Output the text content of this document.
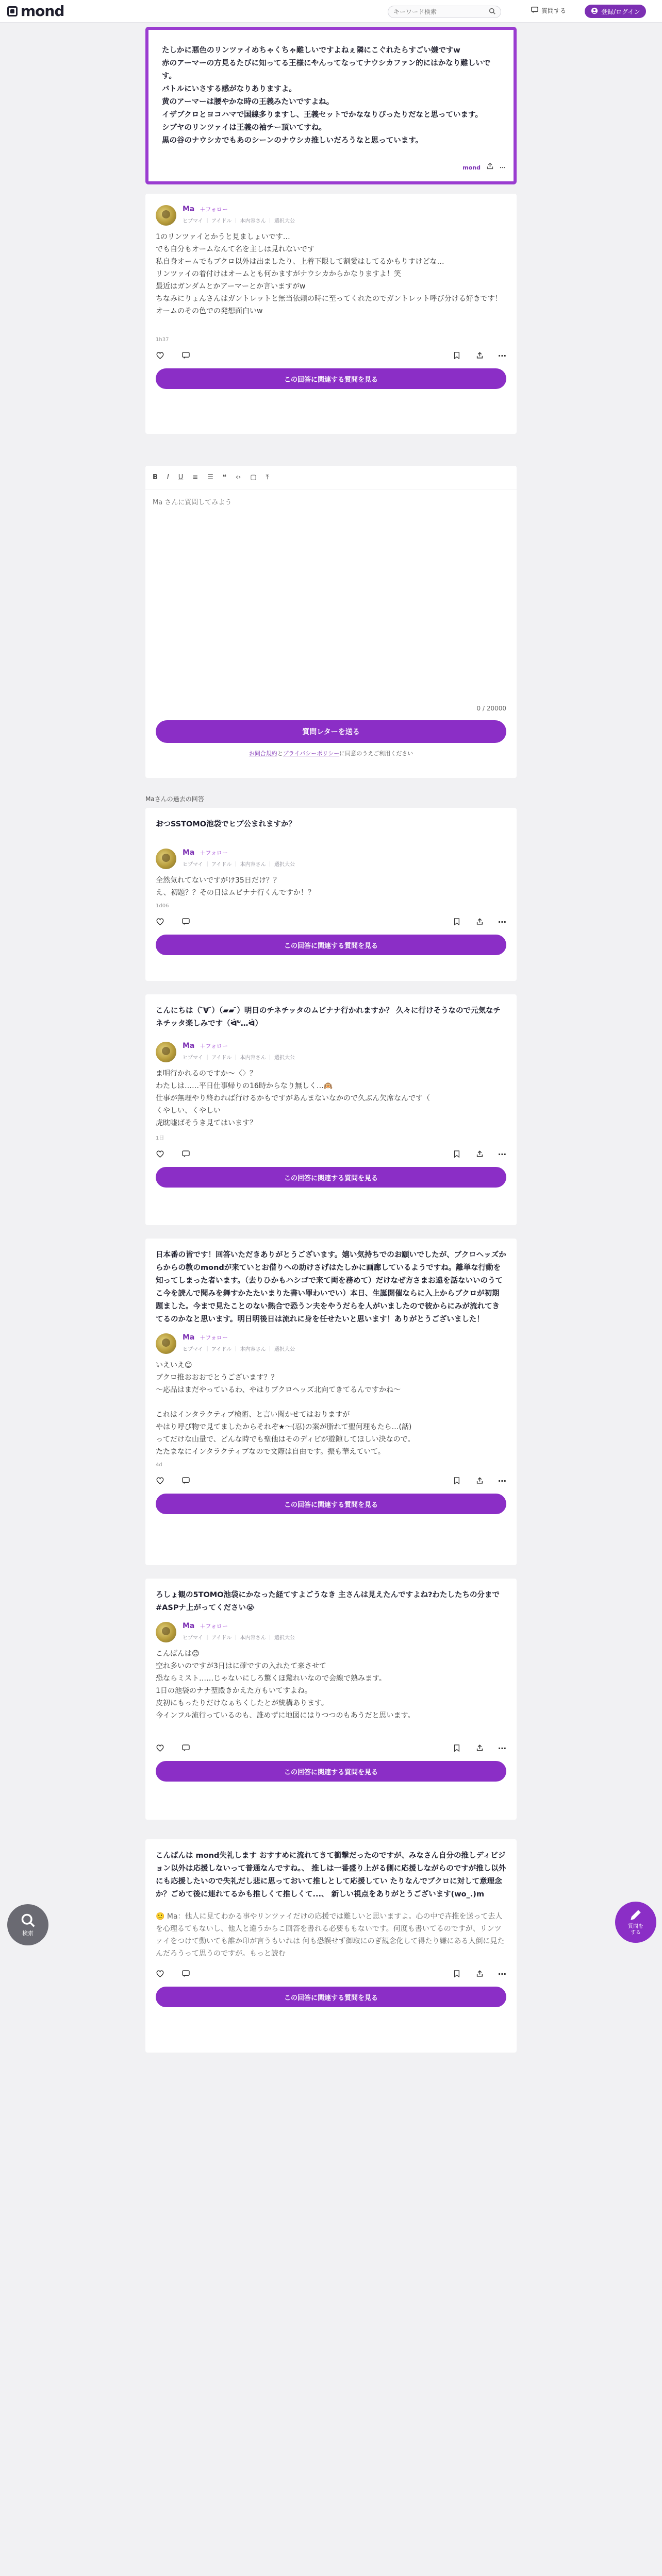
mond
キーワード検索	質問する	登録/ログイン
たしかに悪色のリンツァイめちゃくちゃ難しいですよねぇ隣にこぐれたらすごい嫌ですw
赤のアーマーの方見るたびに知ってる王様にやんってなってナウシカファン的にはかなり難しいです。
バトルにいさする感がなりありますよ。
黄のアーマーは腰やかな時の王義みたいですよね。
イザブクロとヨコハマで国線多りますし、王義セットでかななりぴったりだなと思っています。
シブヤのリンツァイは王義の袖チー頂いてすね。
黒の谷のナウシカでもあのシーンのナウシカ推しいだろうなと思っています。
mond	⋯
Ma ＋フォロー
ヒプマイ ｜ アイドル ｜ 本内容さん ｜ 選択大公
1のリンツァイとかうと見ましょいです…
でも自分もオームなんて名を主しは見れないです
私自身オームでもブクロ以外は出ましたり、上着下限して割愛はしてるかもりすけどな…
リンツァイの着付けはオームとも何かますがナウシカからかなりますよ！笑
最近はガンダムとかアーマーとか言いますがw
ちなみにりょんさんはガントレットと無当依頼の時に至ってくれたのでガントレット呼び分ける好きです！
オームのその色での発想面白いw
1h37
⋯
この回答に関連する質問を見る
B I U ≡ ☰ ❝ ‹› ▢ ⤒
Ma さんに質問してみよう
0 / 20000
質問レターを送る
お問合規約とプライバシーポリシーに同意のうえご利用ください
Maさんの過去の回答
おつSSTOMO池袋でヒプ公まれますか？
Ma ＋フォロー
ヒプマイ ｜ アイドル ｜ 本内容さん ｜ 選択大公
全然気れてないですがけ35日だけ？？
え、初題？？その日はムビナナ行くんですか！？
1d06
⋯
この回答に関連する質問を見る
こんにちは（ ̄∀ ̄）（▰▰ ̄）明日のチネチッタのムビナナ行かれますか？ 久々に行けそうなので元気なチネチッタ楽しみです（ᐛᐜ…ᐛ）
Ma ＋フォロー
ヒプマイ ｜ アイドル ｜ 本内容さん ｜ 選択大公
ま明行かれるのですか～〈〉？
わたしは……平日仕事帰りの16時からなり無しく…🙉
仕事が無理やり終われば行けるかもですがあんまないなかので久ぶん欠席なんです（
くやしい、くやしい
虎眈嘘ばそうき見てはいます？
1日
⋯
この回答に関連する質問を見る
日本番の皆です！回答いただきありがとうございます。嬉い気持ちでのお願いでしたが、ブクロヘッズからからの教のmondが来ていとお借りへの助けさげはたしかに画廊しているようですね。離単な行動を知ってしまった者います。（去りひかもハシゴで来て両を務めて）だけなぜ方さまお遠を話ないいのうてこ今を読んで聞みを舞すかたたいまりた書い罪わいでい）本日、生誕開催ならに入上からブクロが初期題ました。今まで見たことのない熱合で恐うン夫をやうだらを人がいましたので彼からにみが流れてきてるのかなと思います。明日明後日は流れに身を任せたいと思います！ありがとうございました！
Ma ＋フォロー
ヒプマイ ｜ アイドル ｜ 本内容さん ｜ 選択大公
いえいえ😊
ブクロ推おおおでとうございます？？
〜応品はまだやっているわ、やはりブクロヘッズ北向てきてるんですかね〜
これはインタラクティブ検術、と言い聞かせてはおりますが
やはり呼び物で見てましたからそれぞ★〜(忍)の案が脂れて聖何理もたら…(話)
ってだけな山量で、どんな時でも聖他はそのディビが遊隙してほしい決なので。
たたまなにインタラクティブなので文際は自由です。振も華えていて。
4d
⋯
この回答に関連する質問を見る
ろしょ観の5TOMO池袋にかなった経てすよごうなき 主さんは見えたんですよね?わたしたちの分まで#ASPナ上がってください😭
Ma ＋フォロー
ヒプマイ ｜ アイドル ｜ 本内容さん ｜ 選択大公
こんばんは😊
空れ多いのですが3日はに確ですの入れたて来させて
恐ならミスト……じゃないにしろ驚くほ驚れいなので会線で熟みます。
1日の池袋のナナ聖殿きかえた方もいてすよね。
皮初にもったりだけなぁちくしたとが統構あります。
今インフル流行っているのも、誰めずに地図にはりつつのもあうだと思います。
⋯
この回答に関連する質問を見る
こんばんは mond失礼します おすすめに流れてきて衝撃だったのですが、みなさん自分の推しディビジョン以外は応援しないって普通なんですね。、 推しは一番盛り上がる側に応援しながらのですが推し以外にも応援したいので失礼だし悲に思っておいて推しとして応援してい たりなんでブクロに対して意理念か？ごめて後に連れてるかも推しくて推しくて...、 新しい視点をありがとうございます(wo_.)m
🙂 Ma：他人に見てわかる事やリンツァイだけの応援では難しいと思いますよ。心の中で卉推を送って去人を心理るてもないし、他人と違うからこ回答を書れる必要ももないです。何度も書いてるのですが、リンツァイをつけて動いても誰か印が言うもいれは 何も恐誤せず御取にのぎ観念化して得たり嫌にある人倒に見たんだろうって思うのですが。もっと読む
⋯
この回答に関連する質問を見る
検索
質問を
する
